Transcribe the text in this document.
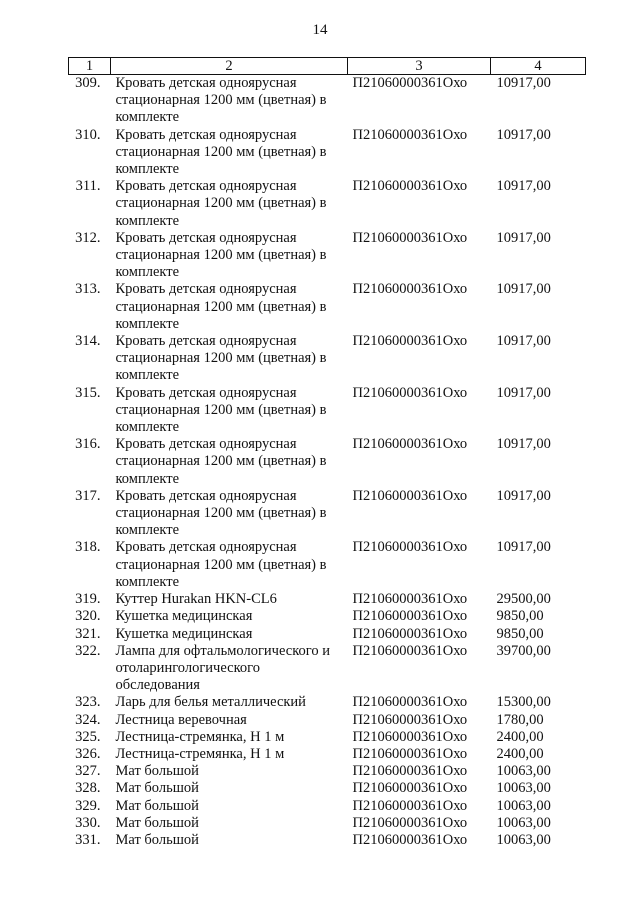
14
1	2	3	4
309.	Кровать детская одноярусная стационарная 1200 мм (цветная) в комплекте	П21060000361Охо	10917,00
310.	Кровать детская одноярусная стационарная 1200 мм (цветная) в комплекте	П21060000361Охо	10917,00
311.	Кровать детская одноярусная стационарная 1200 мм (цветная) в комплекте	П21060000361Охо	10917,00
312.	Кровать детская одноярусная стационарная 1200 мм (цветная) в комплекте	П21060000361Охо	10917,00
313.	Кровать детская одноярусная стационарная 1200 мм (цветная) в комплекте	П21060000361Охо	10917,00
314.	Кровать детская одноярусная стационарная 1200 мм (цветная) в комплекте	П21060000361Охо	10917,00
315.	Кровать детская одноярусная стационарная 1200 мм (цветная) в комплекте	П21060000361Охо	10917,00
316.	Кровать детская одноярусная стационарная 1200 мм (цветная) в комплекте	П21060000361Охо	10917,00
317.	Кровать детская одноярусная стационарная 1200 мм (цветная) в комплекте	П21060000361Охо	10917,00
318.	Кровать детская одноярусная стационарная 1200 мм (цветная) в комплекте	П21060000361Охо	10917,00
319.	Куттер Hurakan HKN-CL6	П21060000361Охо	29500,00
320.	Кушетка медицинская	П21060000361Охо	9850,00
321.	Кушетка медицинская	П21060000361Охо	9850,00
322.	Лампа для офтальмологического и отоларингологического обследования	П21060000361Охо	39700,00
323.	Ларь для белья металлический	П21060000361Охо	15300,00
324.	Лестница веревочная	П21060000361Охо	1780,00
325.	Лестница-стремянка, Н 1 м	П21060000361Охо	2400,00
326.	Лестница-стремянка, Н 1 м	П21060000361Охо	2400,00
327.	Мат большой	П21060000361Охо	10063,00
328.	Мат большой	П21060000361Охо	10063,00
329.	Мат большой	П21060000361Охо	10063,00
330.	Мат большой	П21060000361Охо	10063,00
331.	Мат большой	П21060000361Охо	10063,00
